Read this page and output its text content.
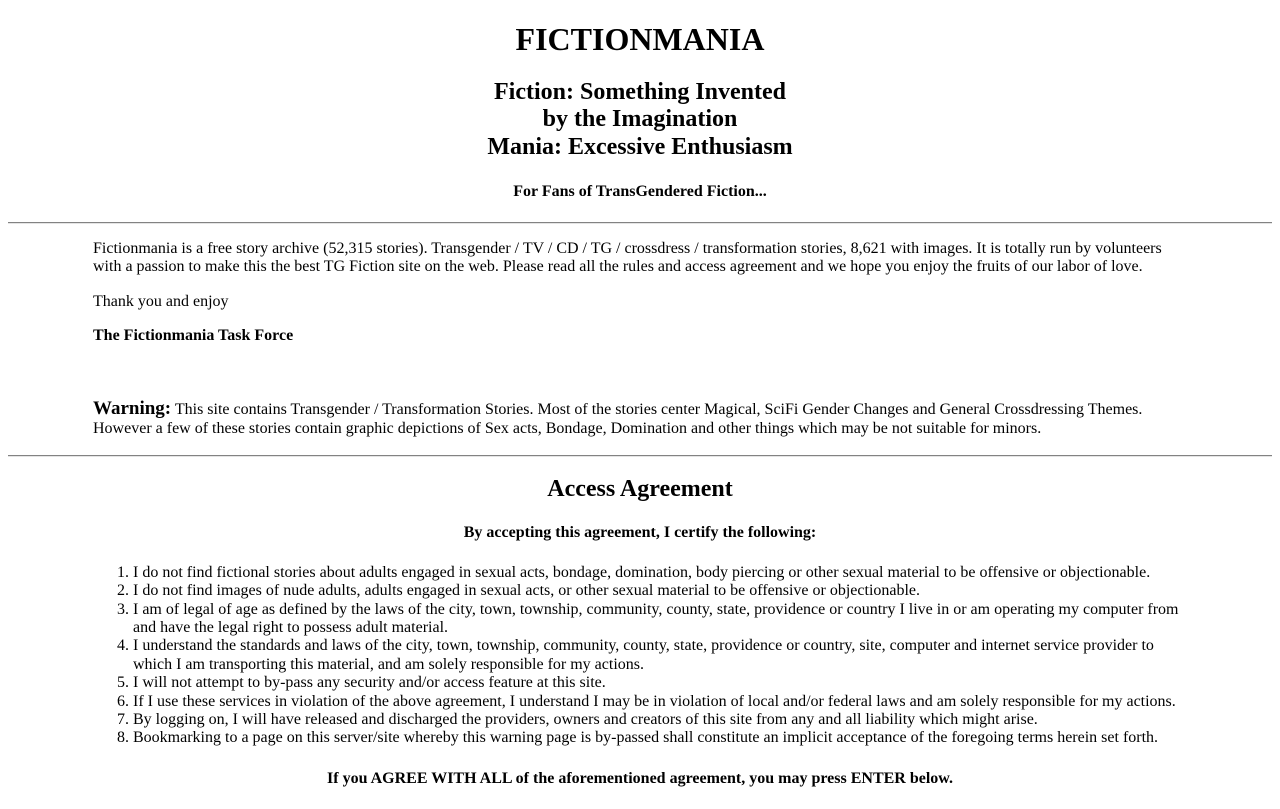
FICTIONMANIA
Fiction: Something Invented
by the Imagination
Mania: Excessive Enthusiasm
For Fans of TransGendered Fiction...

Fictionmania is a free story archive (52,315 stories). Transgender / TV / CD / TG / crossdress / transformation stories, 8,621 with images. It is totally run by volunteers with a passion to make this the best TG Fiction site on the web. Please read all the rules and access agreement and we hope you enjoy the fruits of our labor of love.

Thank you and enjoy

The Fictionmania Task Force

Warning: This site contains Transgender / Transformation Stories. Most of the stories center Magical, SciFi Gender Changes and General Crossdressing Themes. However a few of these stories contain graphic depictions of Sex acts, Bondage, Domination and other things which may be not suitable for minors.

Access Agreement
By accepting this agreement, I certify the following:
1. I do not find fictional stories about adults engaged in sexual acts, bondage, domination, body piercing or other sexual material to be offensive or objectionable.
2. I do not find images of nude adults, adults engaged in sexual acts, or other sexual material to be offensive or objectionable.
3. I am of legal of age as defined by the laws of the city, town, township, community, county, state, providence or country I live in or am operating my computer from and have the legal right to possess adult material.
4. I understand the standards and laws of the city, town, township, community, county, state, providence or country, site, computer and internet service provider to which I am transporting this material, and am solely responsible for my actions.
5. I will not attempt to by-pass any security and/or access feature at this site.
6. If I use these services in violation of the above agreement, I understand I may be in violation of local and/or federal laws and am solely responsible for my actions.
7. By logging on, I will have released and discharged the providers, owners and creators of this site from any and all liability which might arise.
8. Bookmarking to a page on this server/site whereby this warning page is by-passed shall constitute an implicit acceptance of the foregoing terms herein set forth.
If you AGREE WITH ALL of the aforementioned agreement, you may press ENTER below.
